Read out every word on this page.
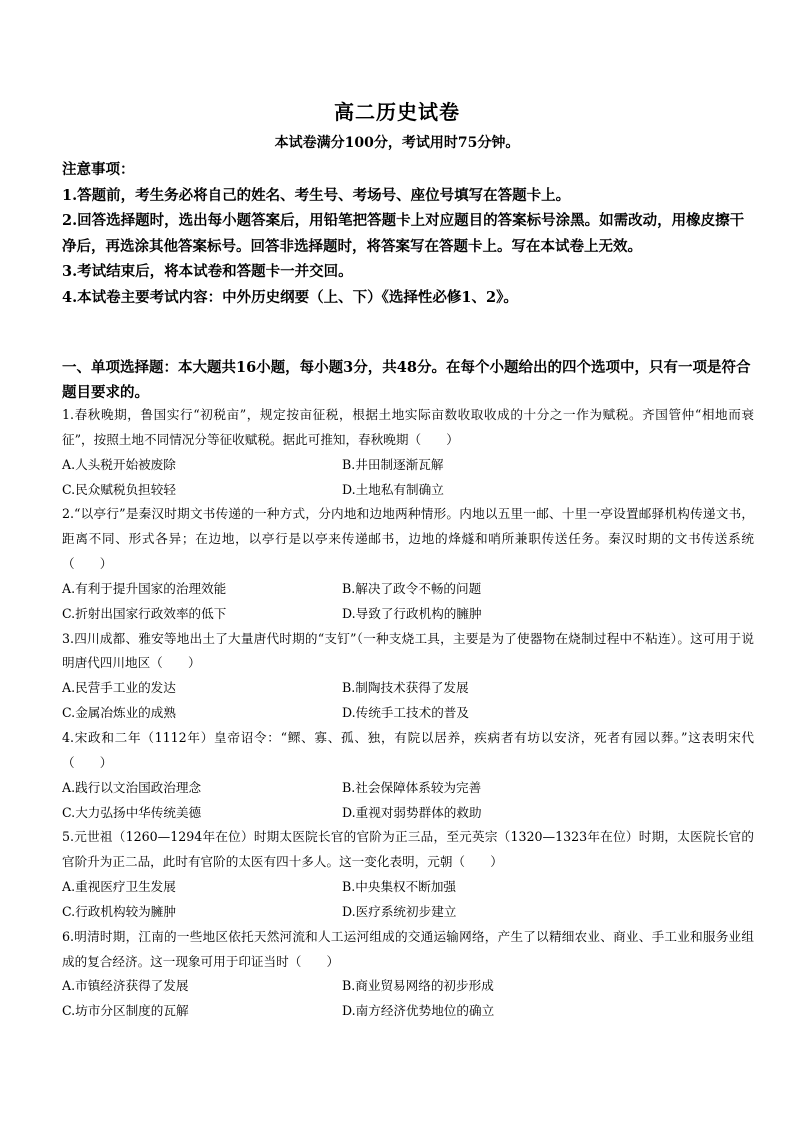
高二历史试卷
本试卷满分100分，考试用时75分钟。

注意事项：

1.答题前，考生务必将自己的姓名、考生号、考场号、座位号填写在答题卡上。

2.回答选择题时，选出每小题答案后，用铅笔把答题卡上对应题目的答案标号涂黑。如需改动，用橡皮擦干净后，再选涂其他答案标号。回答非选择题时，将答案写在答题卡上。写在本试卷上无效。

3.考试结束后，将本试卷和答题卡一并交回。

4.本试卷主要考试内容：中外历史纲要（上、下）《选择性必修1、2》。

一、单项选择题：本大题共16小题，每小题3分，共48分。在每个小题给出的四个选项中，只有一项是符合题目要求的。

1.春秋晚期，鲁国实行“初税亩”，规定按亩征税，根据土地实际亩数收取收成的十分之一作为赋税。齐国管仲“相地而衰征”，按照土地不同情况分等征收赋税。据此可推知，春秋晚期（　　）

A.人头税开始被废除	B.井田制逐渐瓦解
C.民众赋税负担较轻	D.土地私有制确立

2.“以亭行”是秦汉时期文书传递的一种方式，分内地和边地两种情形。内地以五里一邮、十里一亭设置邮驿机构传递文书，距离不同、形式各异；在边地，以亭行是以亭来传递邮书，边地的烽燧和哨所兼职传送任务。秦汉时期的文书传送系统（　　）

A.有利于提升国家的治理效能	B.解决了政令不畅的问题
C.折射出国家行政效率的低下	D.导致了行政机构的臃肿

3.四川成都、雅安等地出土了大量唐代时期的“支钉”（一种支烧工具，主要是为了使器物在烧制过程中不粘连）。这可用于说明唐代四川地区（　　）

A.民营手工业的发达	B.制陶技术获得了发展
C.金属冶炼业的成熟	D.传统手工技术的普及

4.宋政和二年（1112年）皇帝诏令：“鳏、寡、孤、独，有院以居养，疾病者有坊以安济，死者有园以葬。”这表明宋代（　　）

A.践行以文治国政治理念	B.社会保障体系较为完善
C.大力弘扬中华传统美德	D.重视对弱势群体的救助

5.元世祖（1260—1294年在位）时期太医院长官的官阶为正三品，至元英宗（1320—1323年在位）时期，太医院长官的官阶升为正二品，此时有官阶的太医有四十多人。这一变化表明，元朝（　　）

A.重视医疗卫生发展	B.中央集权不断加强
C.行政机构较为臃肿	D.医疗系统初步建立

6.明清时期，江南的一些地区依托天然河流和人工运河组成的交通运输网络，产生了以精细农业、商业、手工业和服务业组成的复合经济。这一现象可用于印证当时（　　）

A.市镇经济获得了发展	B.商业贸易网络的初步形成
C.坊市分区制度的瓦解	D.南方经济优势地位的确立
